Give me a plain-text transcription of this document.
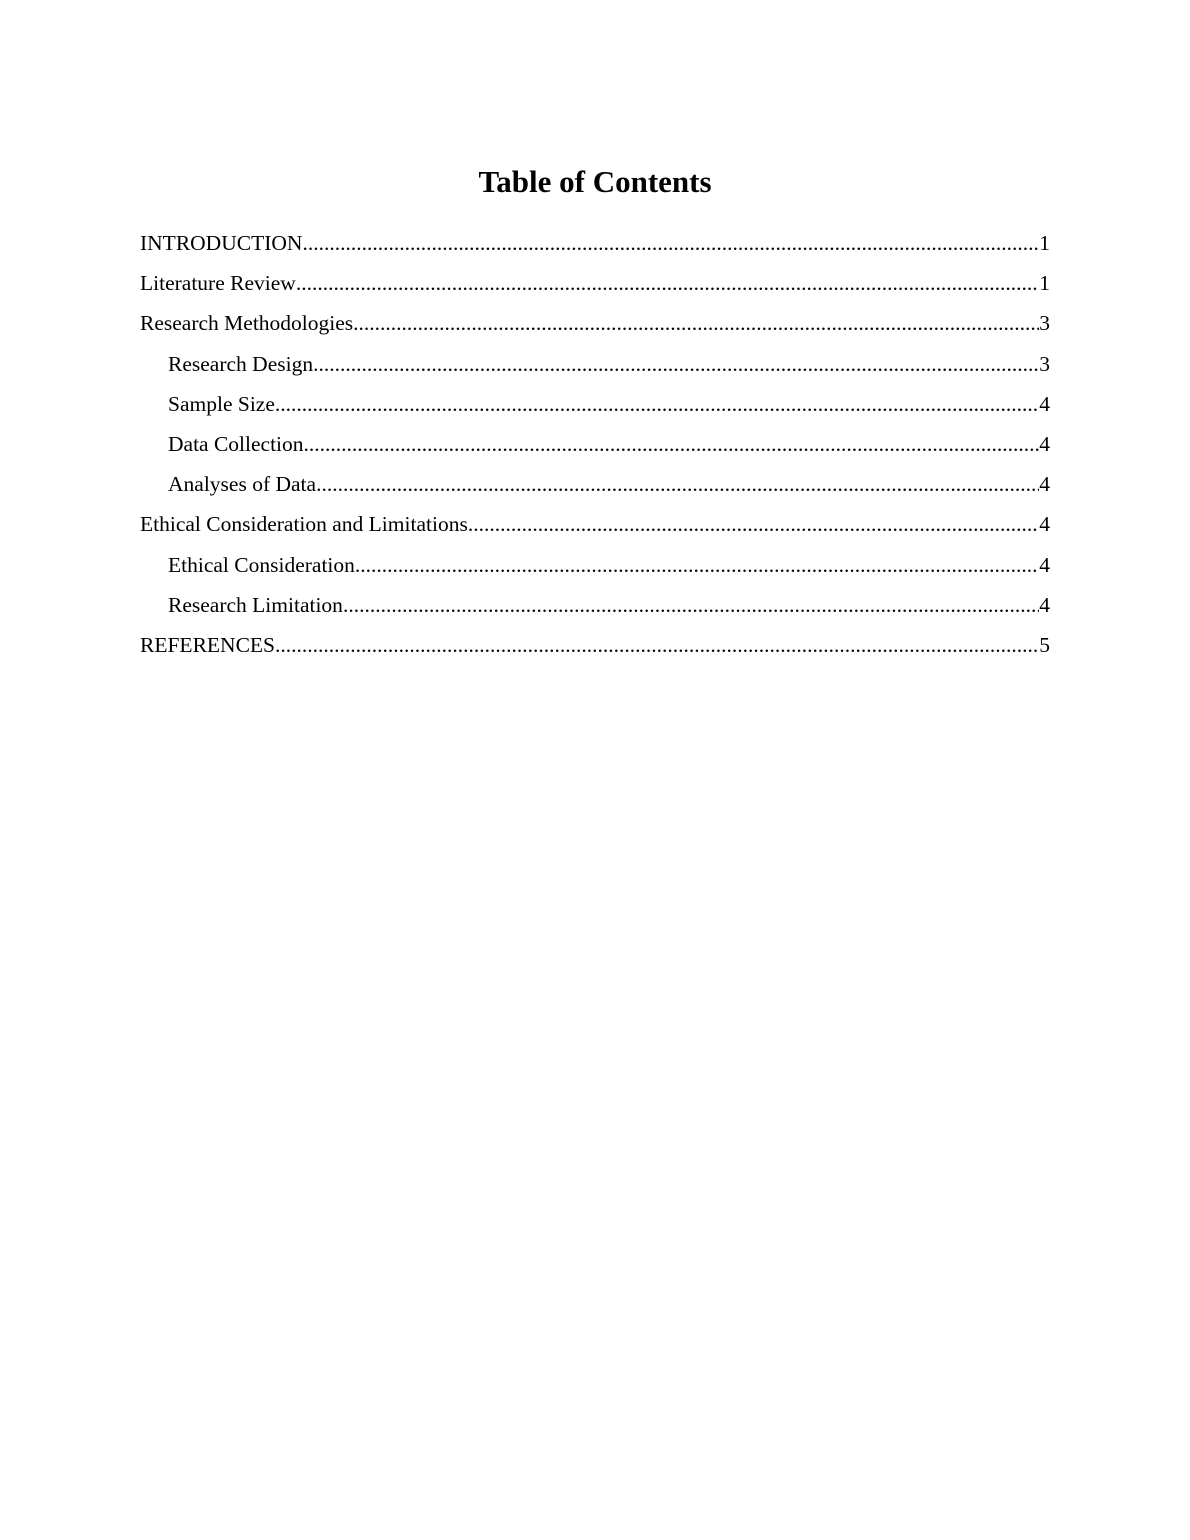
Table of Contents
INTRODUCTION .....	1
Literature Review .....	1
Research Methodologies .....	3
Research Design .....	3
Sample Size .....	4
Data Collection .....	4
Analyses of Data .....	4
Ethical Consideration and Limitations .....	4
Ethical Consideration .....	4
Research Limitation .....	4
REFERENCES .....	5
